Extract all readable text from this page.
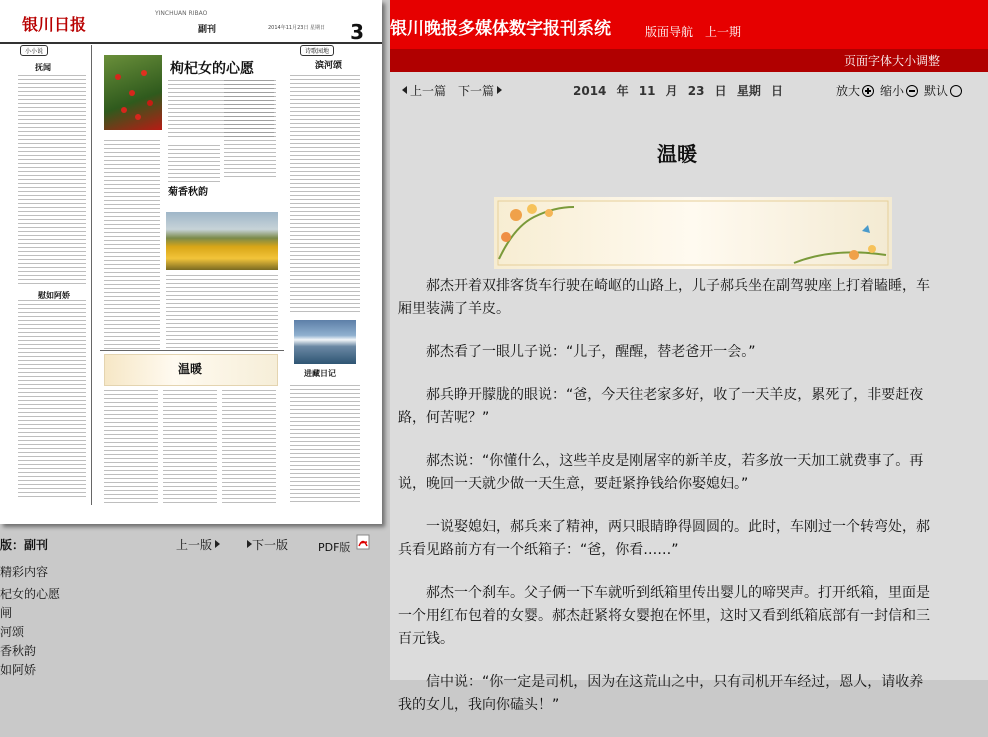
银川日报
YINCHUAN RIBAO
副刊	2014年11月23日 星期日 3
小小说
抚闻
慰如阿娇
枸杞女的心愿
菊香秋韵
诗歌园地
滨河颂
进藏日记
温暖
版：副刊	上一版	下一版	PDF版
精彩内容
杞女的心愿
闸
河颂
香秋韵
如阿娇
银川晚报多媒体数字报刊系统	版面导航 上一期
页面字体大小调整
上一篇 下一篇	2014 年 11 月 23 日 星期 日	放大	缩小	默认
温暖

郝杰开着双排客货车行驶在崎岖的山路上，儿子郝兵坐在副驾驶座上打着瞌睡，车厢里装满了羊皮。

郝杰看了一眼儿子说：“儿子，醒醒，替老爸开一会。”

郝兵睁开朦胧的眼说：“爸，今天往老家多好，收了一天羊皮，累死了，非要赶夜路，何苦呢？”

郝杰说：“你懂什么，这些羊皮是刚屠宰的新羊皮，若多放一天加工就费事了。再说，晚回一天就少做一天生意，要赶紧挣钱给你娶媳妇。”

一说娶媳妇，郝兵来了精神，两只眼睛睁得圆圆的。此时，车刚过一个转弯处，郝兵看见路前方有一个纸箱子：“爸，你看……”

郝杰一个刹车。父子俩一下车就听到纸箱里传出婴儿的啼哭声。打开纸箱，里面是一个用红布包着的女婴。郝杰赶紧将女婴抱在怀里，这时又看到纸箱底部有一封信和三百元钱。

信中说：“你一定是司机，因为在这荒山之中，只有司机开车经过，恩人，请收养我的女儿，我向你磕头！”
